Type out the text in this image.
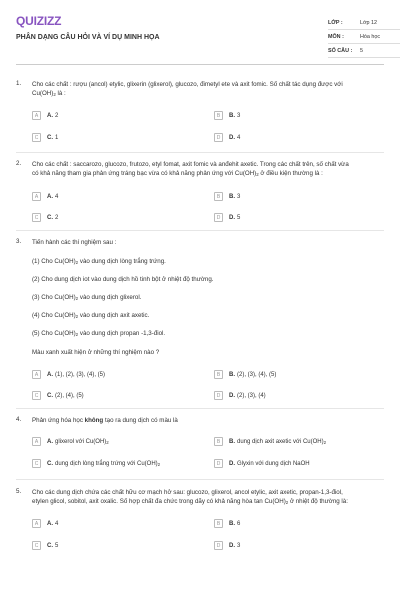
QUIZIZZ
PHÂN DẠNG CÂU HỎI VÀ VÍ DỤ MINH HỌA
LỚP :	Lớp 12
MÔN :	Hóa học
SỐ CÂU :	5
1. Cho các chất : rượu (ancol) etylic, glixerin (glixerol), glucozo, đimetyl ete và axit fomic. Số chất tác dụng được với
$Cu(OH)_2$ là :
A	A. 2	B	B. 3
C	C. 1	D	D. 4
2. Cho các chất : saccarozo, glucozo, frutozo, etyl fomat, axit fomic và anđehit axetic. Trong các chất trên, số chất vừa
có khả năng tham gia phản ứng tráng bạc vừa có khả năng phản ứng với $Cu(OH)_2$ ở điều kiện thường là :
A	A. 4	B	B. 3
C	C. 2	D	D. 5
3. Tiến hành các thí nghiệm sau :
(1) Cho $Cu(OH)_2$ vào dung dịch lòng trắng trứng.
(2) Cho dung dịch iot vào dung dịch hồ tinh bột ở nhiệt độ thường.
(3) Cho $Cu(OH)_2$ vào dung dịch glixerol.
(4) Cho $Cu(OH)_2$ vào dung dịch axit axetic.
(5) Cho $Cu(OH)_2$ vào dung dịch propan -1,3-điol.
Màu xanh xuất hiện ở những thí nghiệm nào ?
A	A. (1), (2), (3), (4), (5)	B	B. (2), (3), (4), (5)
C	C. (2), (4), (5)	D	D. (2), (3), (4)
4. Phản ứng hóa học không tạo ra dung dịch có màu là
A	A. glixerol với $Cu(OH)_2$	B	B. dung dịch axit axetic với $Cu(OH)_2$
C	C. dung dịch lòng trắng trứng với $Cu(OH)_2$	D	D. Glyxin với dung dịch NaOH
5. Cho các dung dịch chứa các chất hữu cơ mạch hở sau: glucozo, glixerol, ancol etylic, axit axetic, propan-1,3-điol,
etylen glicol, sobitol, axit oxalic. Số hợp chất đa chức trong dãy có khả năng hòa $\tan Cu(OH)_2$ ở nhiệt độ thường là:
A	A. 4	B	B. 6
C	C. 5	D	D. 3
